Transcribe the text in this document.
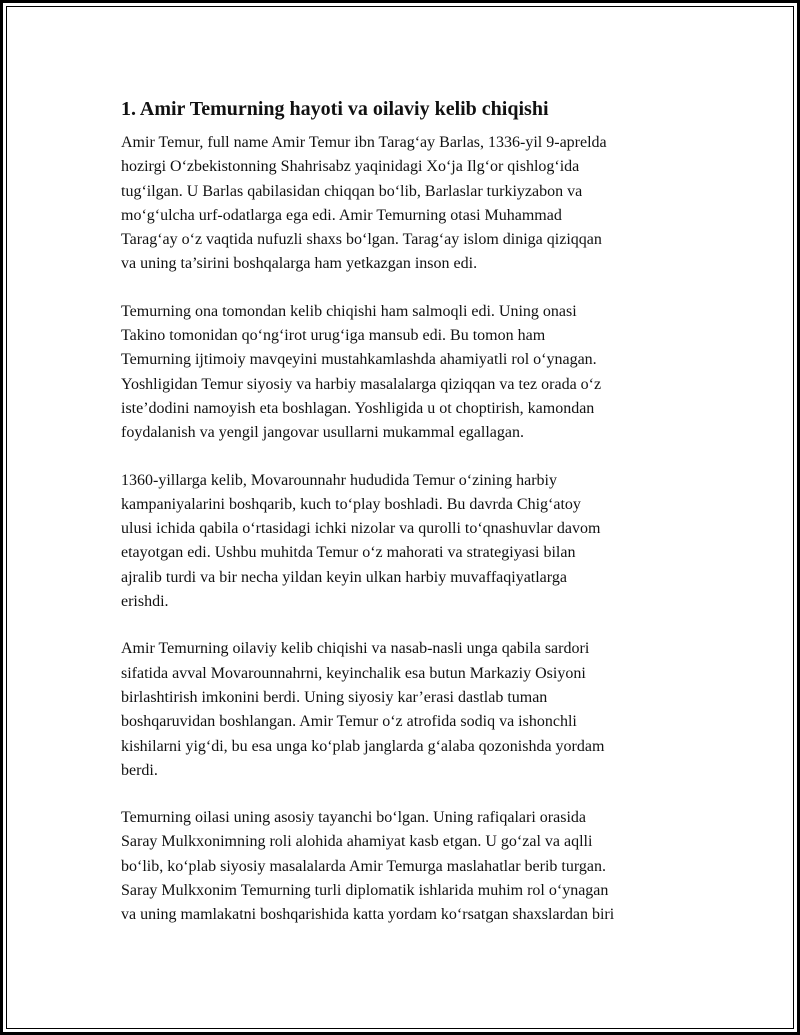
1. Amir Temurning hayoti va oilaviy kelib chiqishi

Amir Temur, full name Amir Temur ibn Tarag‘ay Barlas, 1336-yil 9-aprelda
hozirgi O‘zbekistonning Shahrisabz yaqinidagi Xo‘ja Ilg‘or qishlog‘ida
tug‘ilgan. U Barlas qabilasidan chiqqan bo‘lib, Barlaslar turkiyzabon va
mo‘g‘ulcha urf-odatlarga ega edi. Amir Temurning otasi Muhammad
Tarag‘ay o‘z vaqtida nufuzli shaxs bo‘lgan. Tarag‘ay islom diniga qiziqqan
va uning ta’sirini boshqalarga ham yetkazgan inson edi.

Temurning ona tomondan kelib chiqishi ham salmoqli edi. Uning onasi
Takino tomonidan qo‘ng‘irot urug‘iga mansub edi. Bu tomon ham
Temurning ijtimoiy mavqeyini mustahkamlashda ahamiyatli rol o‘ynagan.
Yoshligidan Temur siyosiy va harbiy masalalarga qiziqqan va tez orada o‘z
iste’dodini namoyish eta boshlagan. Yoshligida u ot choptirish, kamondan
foydalanish va yengil jangovar usullarni mukammal egallagan.

1360-yillarga kelib, Movarounnahr hududida Temur o‘zining harbiy
kampaniyalarini boshqarib, kuch to‘play boshladi. Bu davrda Chig‘atoy
ulusi ichida qabila o‘rtasidagi ichki nizolar va qurolli to‘qnashuvlar davom
etayotgan edi. Ushbu muhitda Temur o‘z mahorati va strategiyasi bilan
ajralib turdi va bir necha yildan keyin ulkan harbiy muvaffaqiyatlarga
erishdi.

Amir Temurning oilaviy kelib chiqishi va nasab-nasli unga qabila sardori
sifatida avval Movarounnahrni, keyinchalik esa butun Markaziy Osiyoni
birlashtirish imkonini berdi. Uning siyosiy kar’erasi dastlab tuman
boshqaruvidan boshlangan. Amir Temur o‘z atrofida sodiq va ishonchli
kishilarni yig‘di, bu esa unga ko‘plab janglarda g‘alaba qozonishda yordam
berdi.

Temurning oilasi uning asosiy tayanchi bo‘lgan. Uning rafiqalari orasida
Saray Mulkxonimning roli alohida ahamiyat kasb etgan. U go‘zal va aqlli
bo‘lib, ko‘plab siyosiy masalalarda Amir Temurga maslahatlar berib turgan.
Saray Mulkxonim Temurning turli diplomatik ishlarida muhim rol o‘ynagan
va uning mamlakatni boshqarishida katta yordam ko‘rsatgan shaxslardan biri
